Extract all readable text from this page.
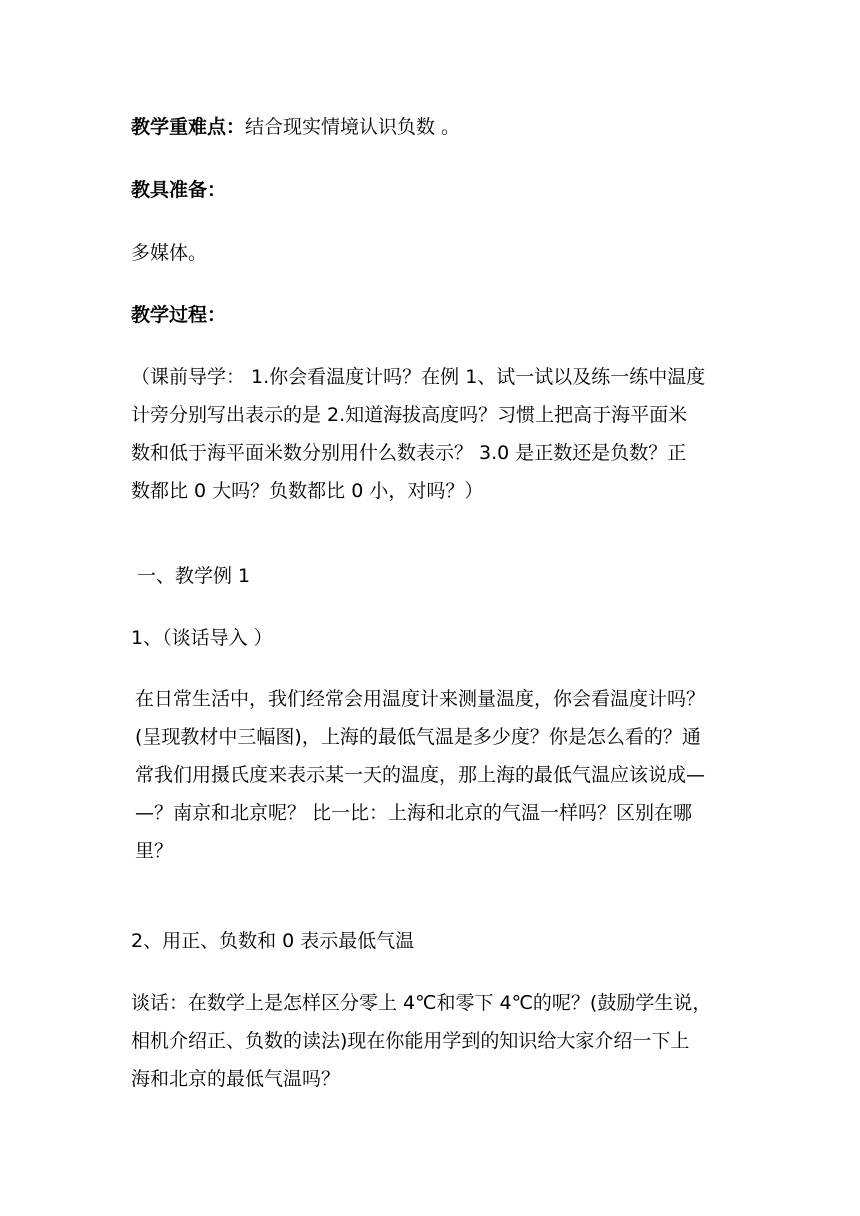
教学重难点：结合现实情境认识负数 。

教具准备：

多媒体。

教学过程：

（课前导学： 1.你会看温度计吗？在例 1、试一试以及练一练中温度
计旁分别写出表示的是 2.知道海拔高度吗？习惯上把高于海平面米
数和低于海平面米数分别用什么数表示？ 3.0 是正数还是负数？正
数都比 0 大吗？负数都比 0 小，对吗？）

一、教学例 1

1、（谈话导入 ）

在日常生活中，我们经常会用温度计来测量温度，你会看温度计吗？
(呈现教材中三幅图)，上海的最低气温是多少度？你是怎么看的？通
常我们用摄氏度来表示某一天的温度，那上海的最低气温应该说成—
—？南京和北京呢？ 比一比：上海和北京的气温一样吗？区别在哪
里？

2、用正、负数和 0 表示最低气温

谈话：在数学上是怎样区分零上 4℃和零下 4℃的呢？(鼓励学生说，
相机介绍正、负数的读法)现在你能用学到的知识给大家介绍一下上
海和北京的最低气温吗？
